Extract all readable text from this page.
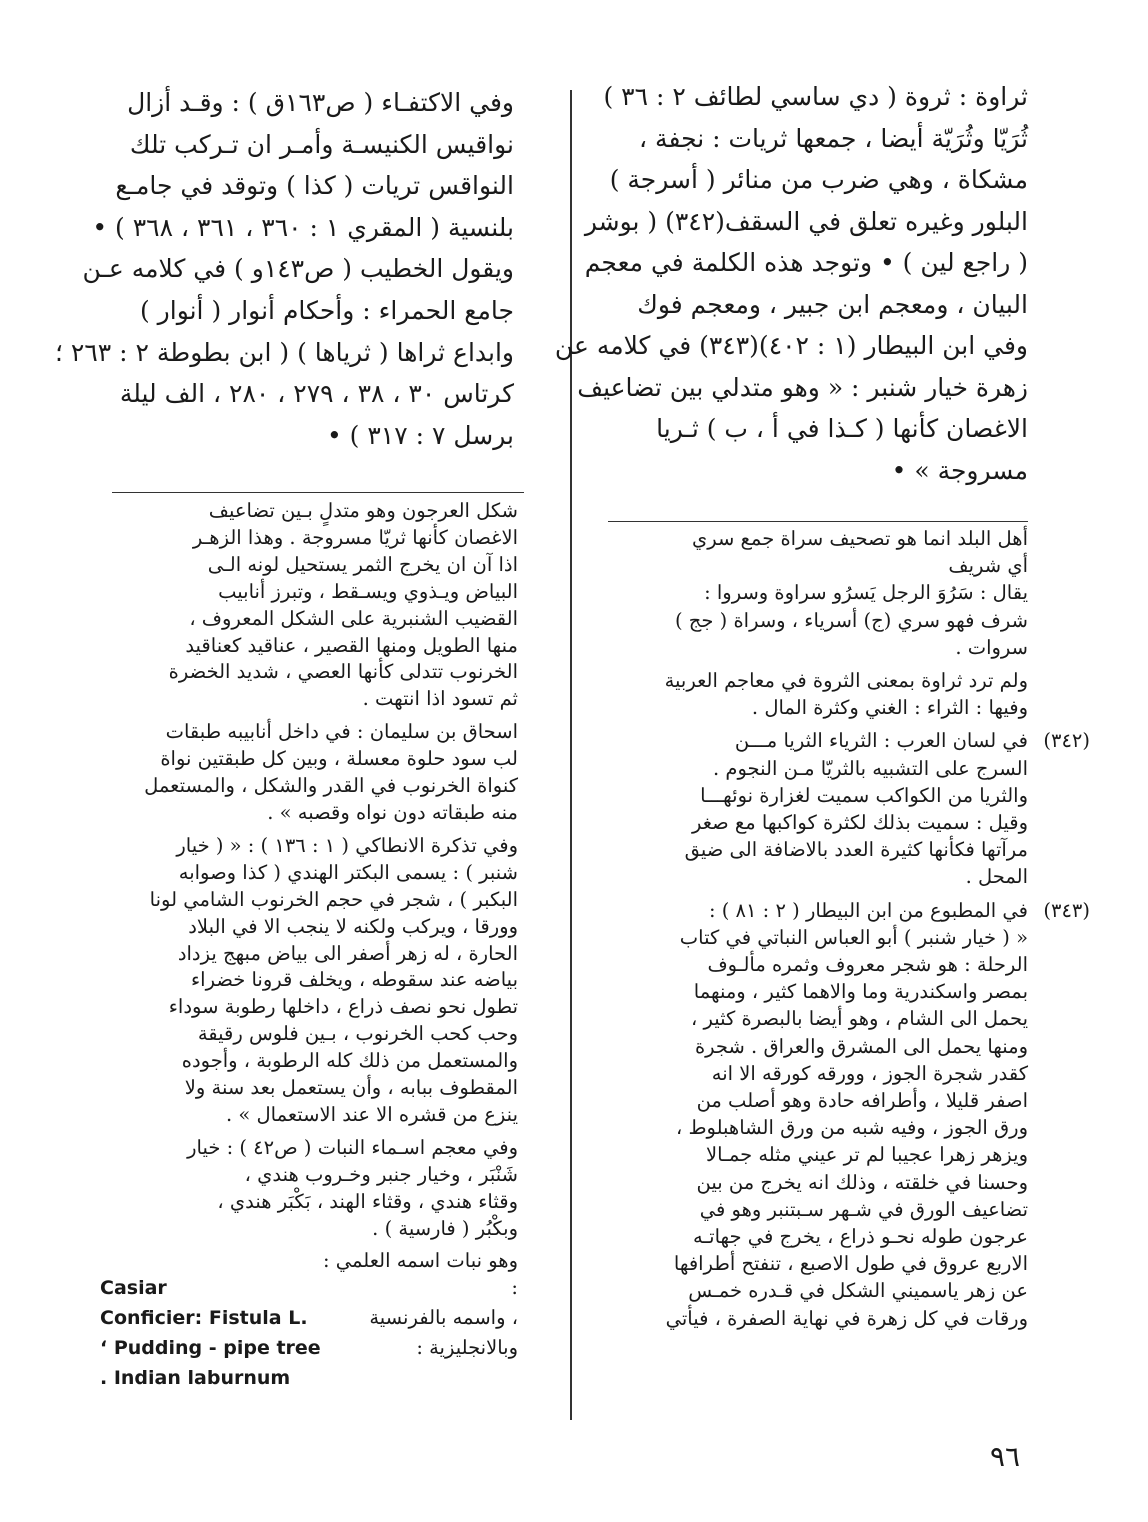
ثراوة : ثروة ( دي ساسي لطائف ٢ : ٣٦ )
ثُرَيّا وثُرَيّة أيضا ، جمعها ثريات : نجفة ،
مشكاة ، وهي ضرب من منائر ( أسرجة )
البلور وغيره تعلق في السقف(٣٤٢) ( بوشر
( راجع لين ) • وتوجد هذه الكلمة في معجم
البيان ، ومعجم ابن جبير ، ومعجم فوك
وفي ابن البيطار (١ : ٤٠٢)(٣٤٣) في كلامه عن
زهرة خيار شنبر : « وهو متدلي بين تضاعيف
الاغصان كأنها ( كـذا في أ ، ب ) ثـريا
مسروجة » •
وفي الاكتفـاء ( ص١٦٣ق ) : وقـد أزال
نواقيس الكنيسـة وأمـر ان تـركب تلك
النواقس تريات ( كذا ) وتوقد في جامـع
بلنسية ( المقري ١ : ٣٦٠ ، ٣٦١ ، ٣٦٨ ) •
ويقول الخطيب ( ص١٤٣و ) في كلامه عـن
جامع الحمراء : وأحكام أنوار ( أنوار )
وابداع ثراها ( ثرياها ) ( ابن بطوطة ٢ : ٢٦٣ ؛
كرتاس ٣٠ ، ٣٨ ، ٢٧٩ ، ٢٨٠ ، الف ليلة
برسل ٧ : ٣١٧ ) •
أهل البلد انما هو تصحيف سراة جمع سري
أي شريف
يقال : سَرُوَ الرجل يَسرُو سراوة وسروا :
شرف فهو سري (ج) أسرياء ، وسراة ( جج )
سروات .
ولم ترد ثراوة بمعنى الثروة في معاجم العربية
وفيها : الثراء : الغني وكثرة المال .
(٣٤٢)
في لسان العرب : الثرياء الثريا مـــن
السرج على التشبيه بالثريّا مـن النجوم .
والثريا من الكواكب سميت لغزارة نوئهـــا
وقيل : سميت بذلك لكثرة كواكبها مع صغر
مرآتها فكأنها كثيرة العدد بالاضافة الى ضيق
المحل .
(٣٤٣)
في المطبوع من ابن البيطار ( ٢ : ٨١ ) :
« ( خيار شنبر ) أبو العباس النباتي في كتاب
الرحلة : هو شجر معروف وثمره مألـوف
بمصر واسكندرية وما والاهما كثير ، ومنهما
يحمل الى الشام ، وهو أيضا بالبصرة كثير ،
ومنها يحمل الى المشرق والعراق . شجرة
كقدر شجرة الجوز ، وورقه كورقه الا انه
اصفر قليلا ، وأطرافه حادة وهو أصلب من
ورق الجوز ، وفيه شبه من ورق الشاهبلوط ،
ويزهر زهرا عجيبا لم تر عيني مثله جمـالا
وحسنا في خلقته ، وذلك انه يخرج من بين
تضاعيف الورق في شـهر سـبتنبر وهو في
عرجون طوله نحـو ذراع ، يخرج في جهاتـه
الاربع عروق في طول الاصبع ، تنفتح أطرافها
عن زهر ياسميني الشكل في قـدره خمـس
ورقات في كل زهرة في نهاية الصفرة ، فيأتي
شكل العرجون وهو متدلٍ بـين تضاعيف
الاغصان كأنها ثريّا مسروجة . وهذا الزهـر
اذا آن ان يخرج الثمر يستحيل لونه الـى
البياض ويـذوي ويسـقط ، وتبرز أنابيب
القضيب الشنبرية على الشكل المعروف ،
منها الطويل ومنها القصير ، عناقيد كعناقيد
الخرنوب تتدلى كأنها العصي ، شديد الخضرة
ثم تسود اذا انتهت .
اسحاق بن سليمان : في داخل أنابيبه طبقات
لب سود حلوة معسلة ، وبين كل طبقتين نواة
كنواة الخرنوب في القدر والشكل ، والمستعمل
منه طبقاته دون نواه وقصبه » .
وفي تذكرة الانطاكي ( ١ : ١٣٦ ) : « ( خيار
شنبر ) : يسمى البكتر الهندي ( كذا وصوابه
البكبر ) ، شجر في حجم الخرنوب الشامي لونا
وورقا ، ويركب ولكنه لا ينجب الا في البلاد
الحارة ، له زهر أصفر الى بياض مبهج يزداد
بياضه عند سقوطه ، ويخلف قرونا خضراء
تطول نحو نصف ذراع ، داخلها رطوبة سوداء
وحب كحب الخرنوب ، بـين فلوس رقيقة
والمستعمل من ذلك كله الرطوبة ، وأجوده
المقطوف ببابه ، وأن يستعمل بعد سنة ولا
ينزع من قشره الا عند الاستعمال » .
وفي معجم اسـماء النبات ( ص٤٢ ) : خيار
شَنْبَر ، وخيار جنبر وخـروب هندي ،
وقثاء هندي ، وقثاء الهند ، بَكْبَر هندي ،
وبكْبُر ( فارسية ) .
وهو نبات اسمه العلمي :
Casiar	:
Conficier: Fistula L.	، واسمه بالفرنسية
‘ Pudding - pipe tree	وبالانجليزية :
. Indian laburnum
٩٦
